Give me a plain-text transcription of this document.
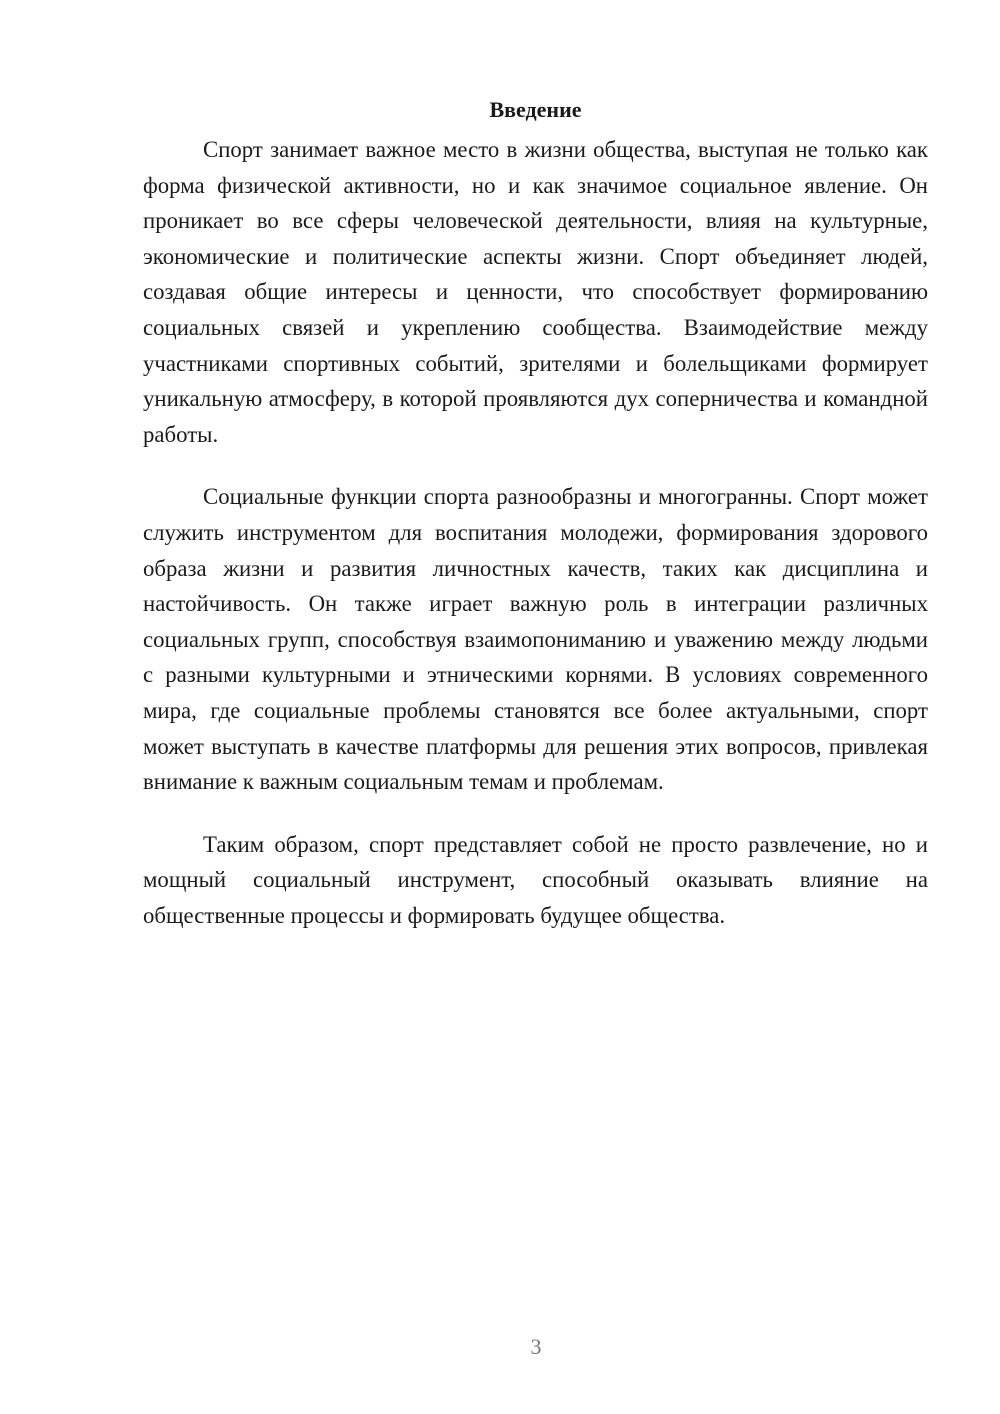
Введение

Спорт занимает важное место в жизни общества, выступая не только как форма физической активности, но и как значимое социальное явление. Он проникает во все сферы человеческой деятельности, влияя на культурные, экономические и политические аспекты жизни. Спорт объединяет людей, создавая общие интересы и ценности, что способствует формированию социальных связей и укреплению сообщества. Взаимодействие между участниками спортивных событий, зрителями и болельщиками формирует уникальную атмосферу, в которой проявляются дух соперничества и командной работы.

Социальные функции спорта разнообразны и многогранны. Спорт может служить инструментом для воспитания молодежи, формирования здорового образа жизни и развития личностных качеств, таких как дисциплина и настойчивость. Он также играет важную роль в интеграции различных социальных групп, способствуя взаимопониманию и уважению между людьми с разными культурными и этническими корнями. В условиях современного мира, где социальные проблемы становятся все более актуальными, спорт может выступать в качестве платформы для решения этих вопросов, привлекая внимание к важным социальным темам и проблемам.

Таким образом, спорт представляет собой не просто развлечение, но и мощный социальный инструмент, способный оказывать влияние на общественные процессы и формировать будущее общества.

3
